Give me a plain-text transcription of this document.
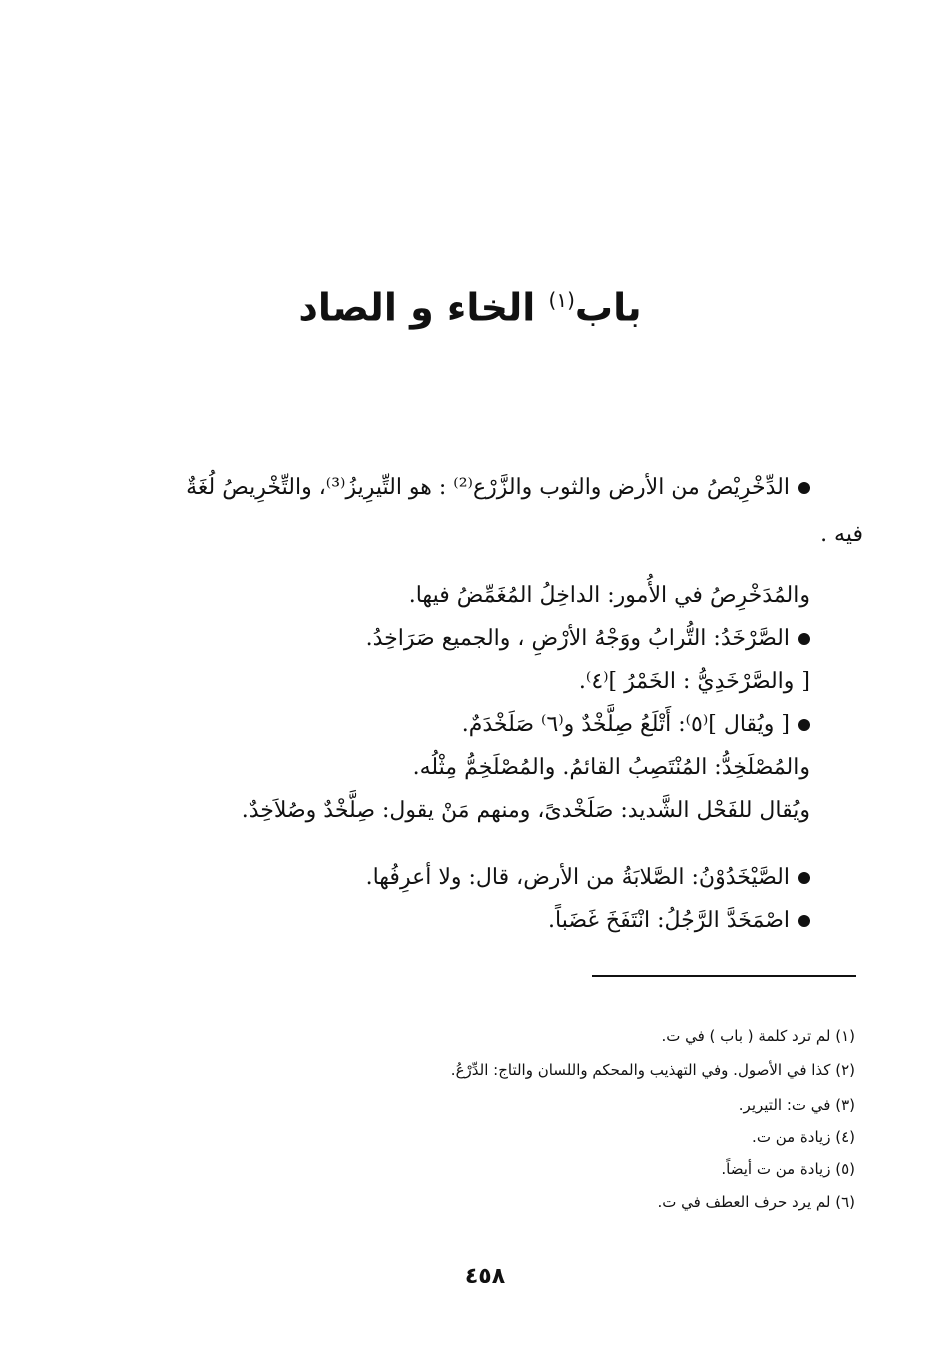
باب$^{(١)}$ الخاء و الصاد
الدِّخْرِيْصُ من الأرض والثوب والزَّرْع⁽²⁾ : هو التِّيرِيزُ⁽³⁾، والتِّخْرِيصُ لُغَةٌ
فيه .
والمُدَخْرِصُ في الأُمور: الداخِلُ المُغَمِّضُ فيها.
الصَّرْخَدُ: التُّرابُ ووَجْهُ الأرْضِ ، والجميع صَرَاخِدُ.
[ والصَّرْخَدِيُّ : الخَمْرُ ]⁽٤⁾.
[ ويُقال ]⁽٥⁾: أَتْلَعُ صِلَّخْدٌ و⁽٦⁾ صَلَخْدَمٌ.
والمُصْلَخِدُّ: المُنْتَصِبُ القائمُ. والمُصْلَخِمُّ مِثْلُه.
ويُقال للفَحْل الشَّديد: صَلَخْدىً، ومنهم مَنْ يقول: صِلَّخْدٌ وصُلاَخِدٌ.
الصَّيْخَدُوْنُ: الصَّلابَةُ من الأرض، قال: ولا أعرِفُها.
اصْمَخَدَّ الرَّجُلُ: انْتَفَخَ غَضَباً.
(١) لم ترد كلمة ( باب ) في ت.
(٢) كذا في الأصول. وفي التهذيب والمحكم واللسان والتاج: الدِّرْعُ.
(٣) في ت: التيرير.
(٤) زيادة من ت.
(٥) زيادة من ت أيضاً.
(٦) لم يرد حرف العطف في ت.
٤٥٨
